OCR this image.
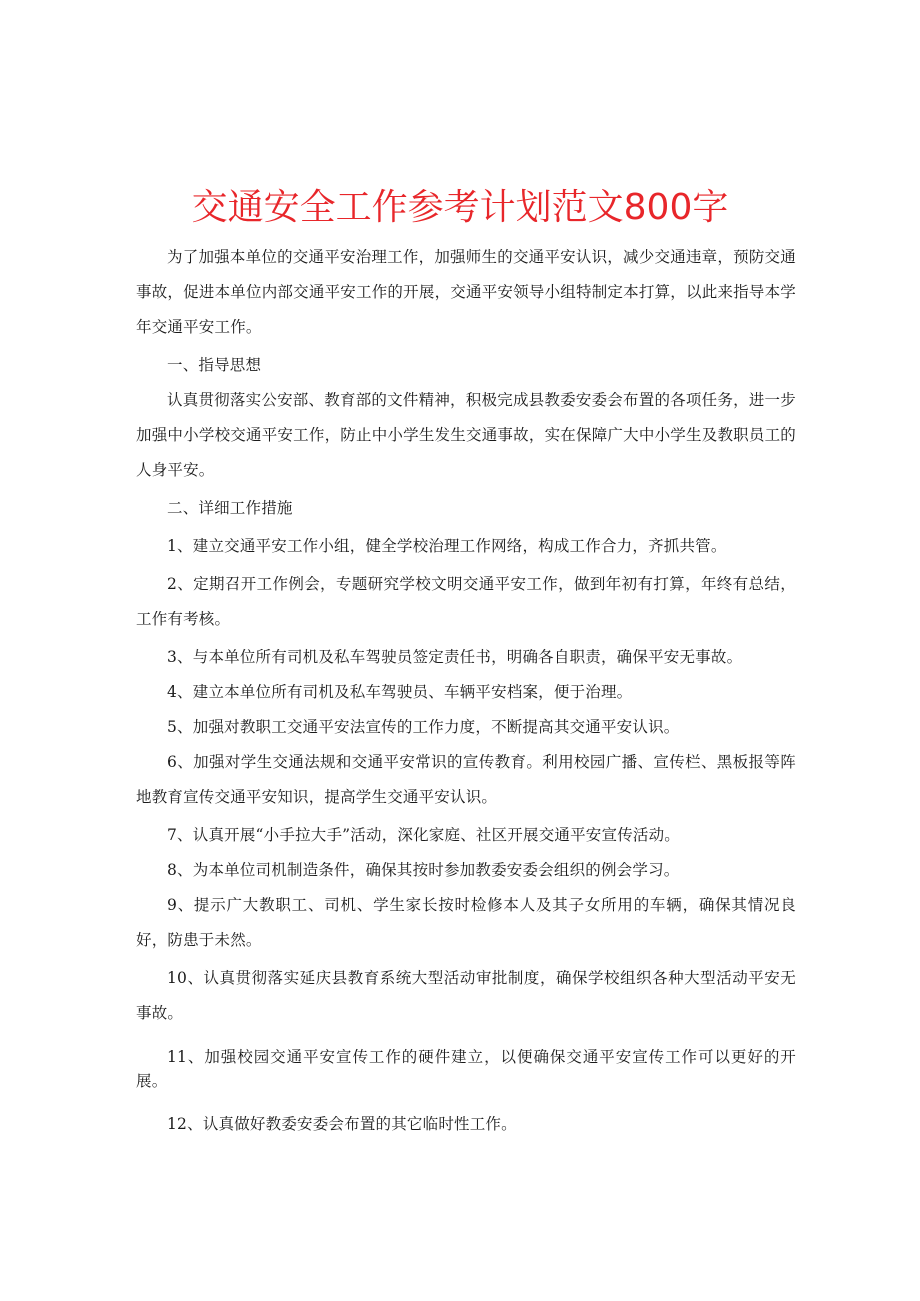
交通安全工作参考计划范文800字

为了加强本单位的交通平安治理工作，加强师生的交通平安认识，减少交通违章，预防交通事故，促进本单位内部交通平安工作的开展，交通平安领导小组特制定本打算，以此来指导本学年交通平安工作。

一、指导思想

认真贯彻落实公安部、教育部的文件精神，积极完成县教委安委会布置的各项任务，进一步加强中小学校交通平安工作，防止中小学生发生交通事故，实在保障广大中小学生及教职员工的人身平安。

二、详细工作措施

1、建立交通平安工作小组，健全学校治理工作网络，构成工作合力，齐抓共管。

2、定期召开工作例会，专题研究学校文明交通平安工作，做到年初有打算，年终有总结，工作有考核。

3、与本单位所有司机及私车驾驶员签定责任书，明确各自职责，确保平安无事故。

4、建立本单位所有司机及私车驾驶员、车辆平安档案，便于治理。

5、加强对教职工交通平安法宣传的工作力度，不断提高其交通平安认识。

6、加强对学生交通法规和交通平安常识的宣传教育。利用校园广播、宣传栏、黑板报等阵地教育宣传交通平安知识，提高学生交通平安认识。

7、认真开展“小手拉大手”活动，深化家庭、社区开展交通平安宣传活动。

8、为本单位司机制造条件，确保其按时参加教委安委会组织的例会学习。

9、提示广大教职工、司机、学生家长按时检修本人及其子女所用的车辆，确保其情况良好，防患于未然。

10、认真贯彻落实延庆县教育系统大型活动审批制度，确保学校组织各种大型活动平安无事故。

11、加强校园交通平安宣传工作的硬件建立，以便确保交通平安宣传工作可以更好的开展。

12、认真做好教委安委会布置的其它临时性工作。
